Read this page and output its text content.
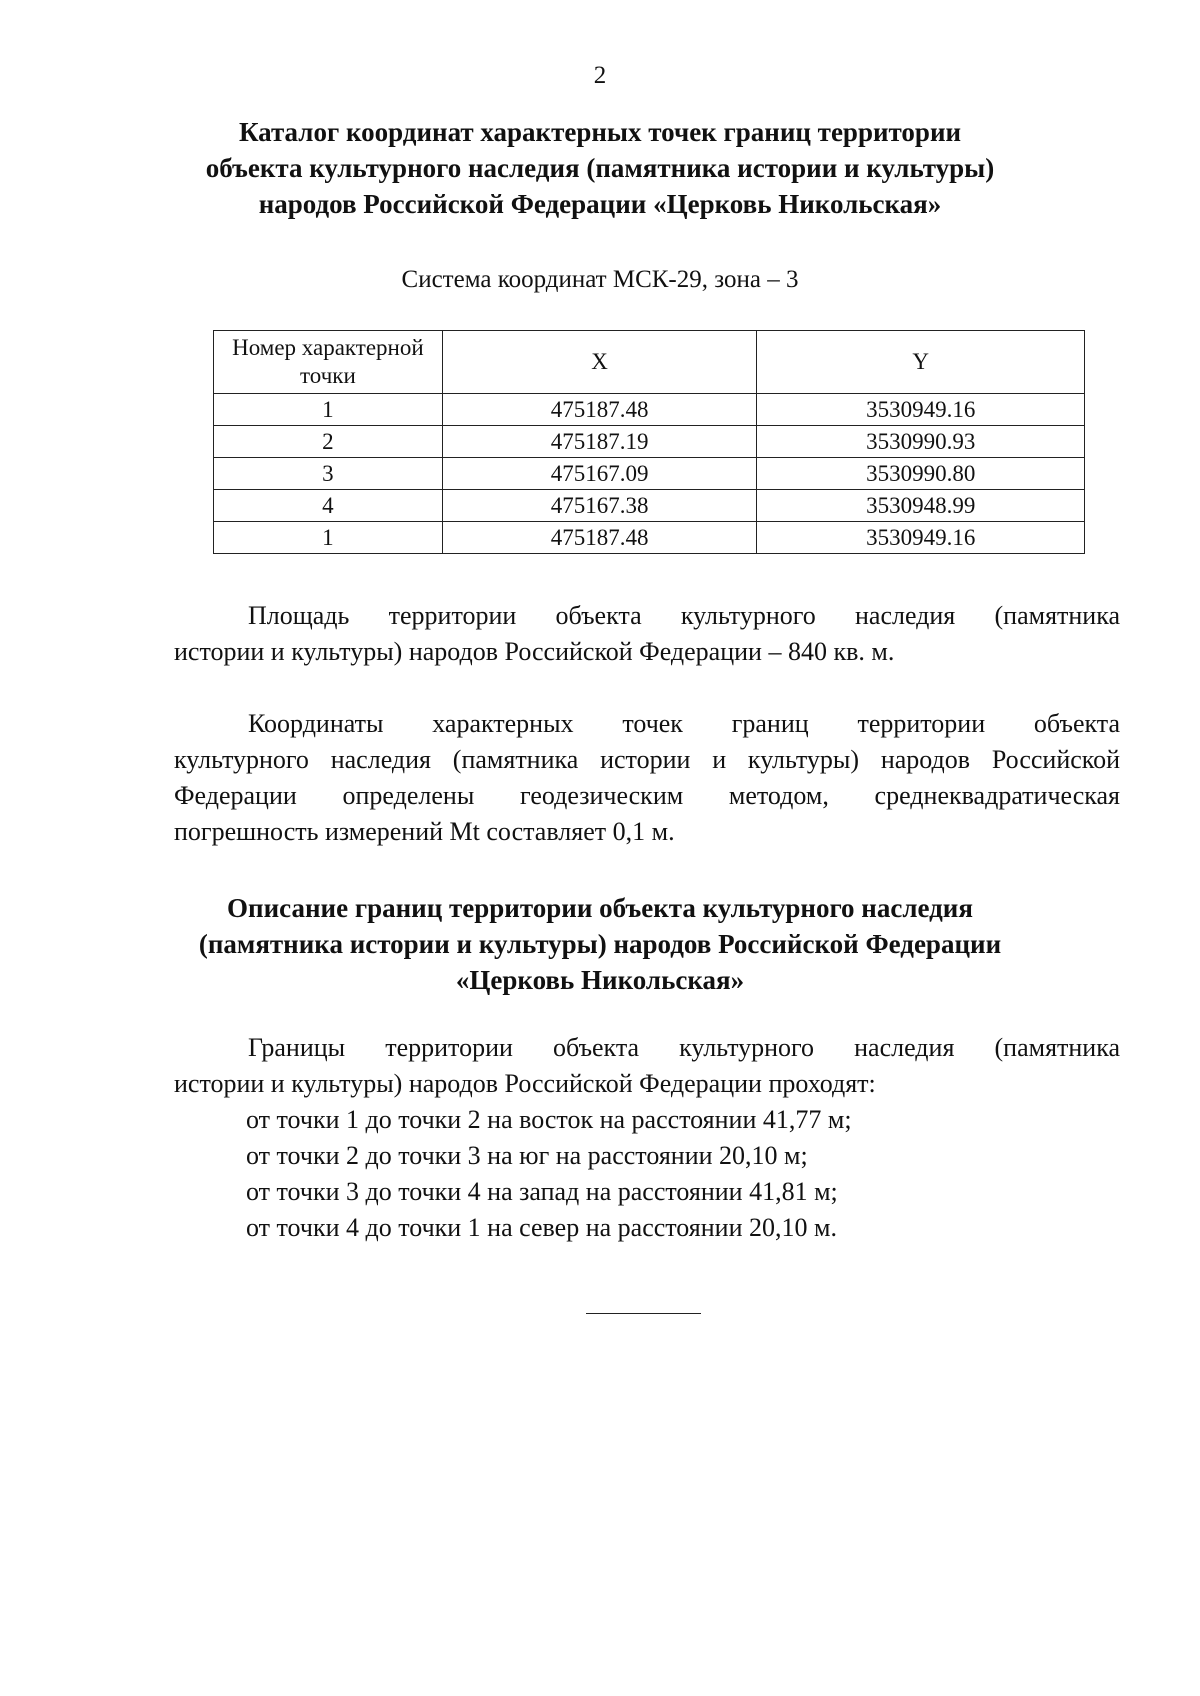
2
Каталог координат характерных точек границ территории
объекта культурного наследия (памятника истории и культуры)
народов Российской Федерации «Церковь Никольская»
Система координат МСК-29, зона – 3
Номер характерной точки	X	Y
1	475187.48	3530949.16
2	475187.19	3530990.93
3	475167.09	3530990.80
4	475167.38	3530948.99
1	475187.48	3530949.16

Площадь территории объекта культурного наследия (памятника
истории и культуры) народов Российской Федерации – 840 кв. м.

Координаты характерных точек границ территории объекта
культурного наследия (памятника истории и культуры) народов Российской
Федерации определены геодезическим методом, среднеквадратическая
погрешность измерений Mt составляет 0,1 м.

Описание границ территории объекта культурного наследия
(памятника истории и культуры) народов Российской Федерации
«Церковь Никольская»

Границы территории объекта культурного наследия (памятника
истории и культуры) народов Российской Федерации проходят:

от точки 1 до точки 2 на восток на расстоянии 41,77 м;
от точки 2 до точки 3 на юг на расстоянии 20,10 м;
от точки 3 до точки 4 на запад на расстоянии 41,81 м;
от точки 4 до точки 1 на север на расстоянии 20,10 м.
